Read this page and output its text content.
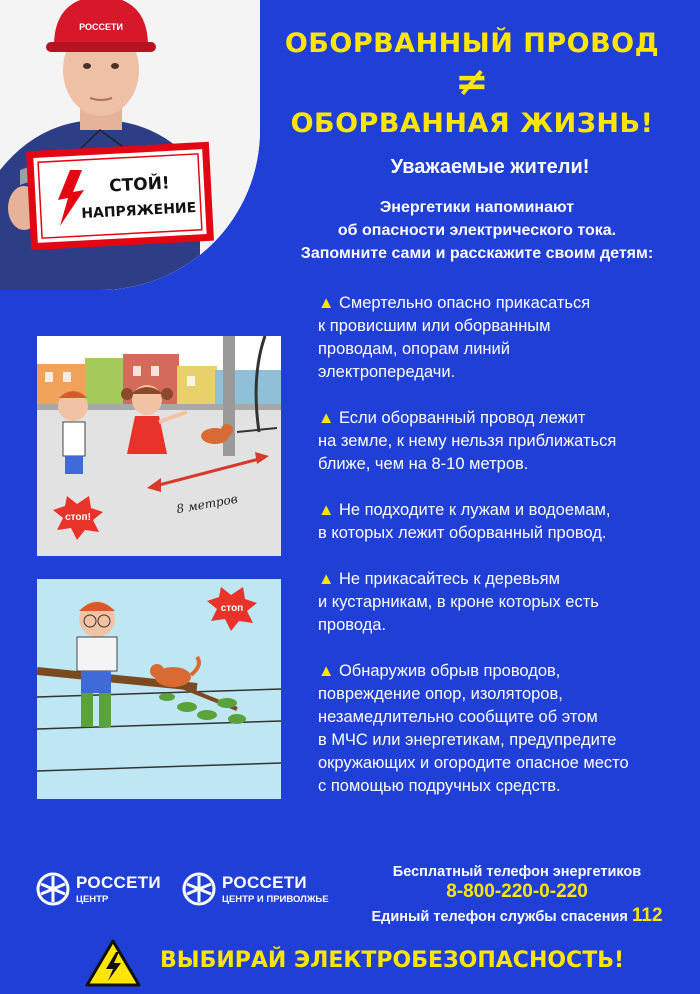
РОССЕТИ
СТОЙ!
НАПРЯЖЕНИЕ
ОБОРВАННЫЙ ПРОВОД
≠
ОБОРВАННАЯ ЖИЗНЬ!
Уважаемые жители!
Энергетики напоминают
об опасности электрического тока.
Запомните сами и расскажите своим детям:
8 метров
стоп!
стоп
▲ Смертельно опасно прикасаться
к провисшим или оборванным
проводам, опорам линий
электропередачи.
▲ Если оборванный провод лежит
на земле, к нему нельзя приближаться
ближе, чем на 8-10 метров.
▲ Не подходите к лужам и водоемам,
в которых лежит оборванный провод.
▲ Не прикасайтесь к деревьям
и кустарникам, в кроне которых есть
провода.
▲ Обнаружив обрыв проводов,
повреждение опор, изоляторов,
незамедлительно сообщите об этом
в МЧС или энергетикам, предупредите
окружающих и огородите опасное место
с помощью подручных средств.
РОССЕТИ
ЦЕНТР
РОССЕТИ
ЦЕНТР И ПРИВОЛЖЬЕ
Бесплатный телефон энергетиков
8-800-220-0-220
Единый телефон службы спасения 112
ВЫБИРАЙ ЭЛЕКТРОБЕЗОПАСНОСТЬ!
